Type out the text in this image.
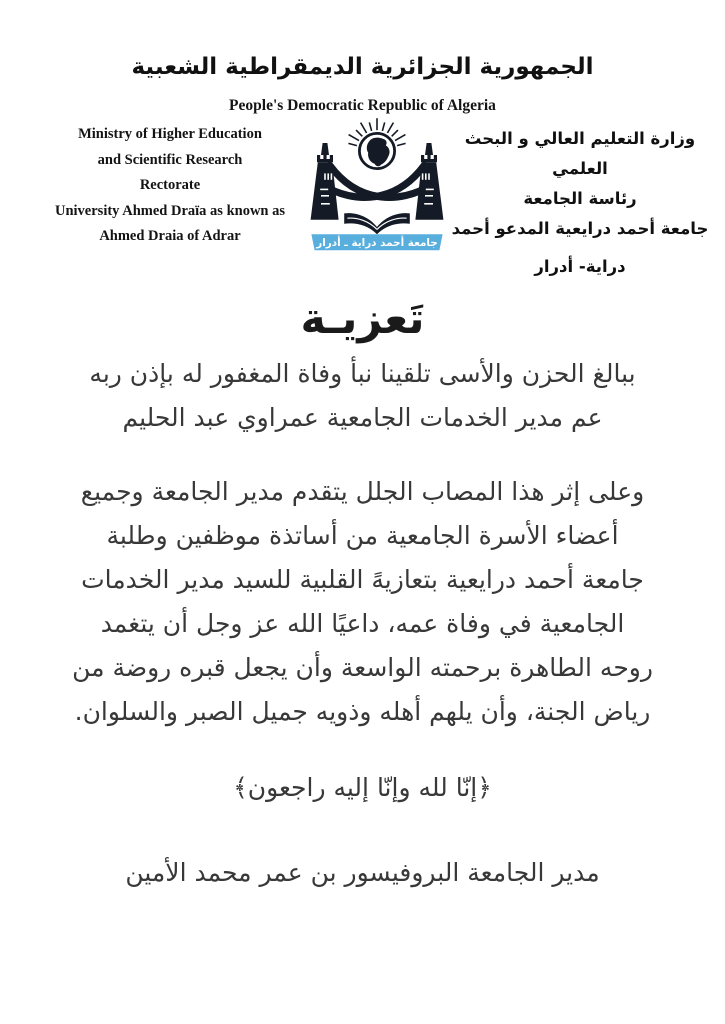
الجمهورية الجزائرية الديمقراطية الشعبية
People's Democratic Republic of Algeria
Ministry of Higher Education
and Scientific Research
Rectorate
University Ahmed Draïa as known as
Ahmed Draia of Adrar
وزارة التعليم العالي و البحث العلمي
رئاسة الجامعة
جامعة أحمد درايعية المدعو أحمد
دراية- أدرار
جامعة أحمد دراية ـ أدرار
تَعزيـة
ببالغ الحزن والأسى تلقينا نبأ وفاة المغفور له بإذن ربه
عم مدير الخدمات الجامعية عمراوي عبد الحليم
وعلى إثر هذا المصاب الجلل يتقدم مدير الجامعة وجميع
أعضاء الأسرة الجامعية من أساتذة موظفين وطلبة
جامعة أحمد درايعية بتعازيهً القلبية للسيد مدير الخدمات
الجامعية في وفاة عمه، داعيًا الله عز وجل أن يتغمد
روحه الطاهرة برحمته الواسعة وأن يجعل قبره روضة من
رياض الجنة، وأن يلهم أهله وذويه جميل الصبر والسلوان.
﴿إنّا لله وإنّا إليه راجعون﴾
مدير الجامعة البروفيسور بن عمر محمد الأمين
